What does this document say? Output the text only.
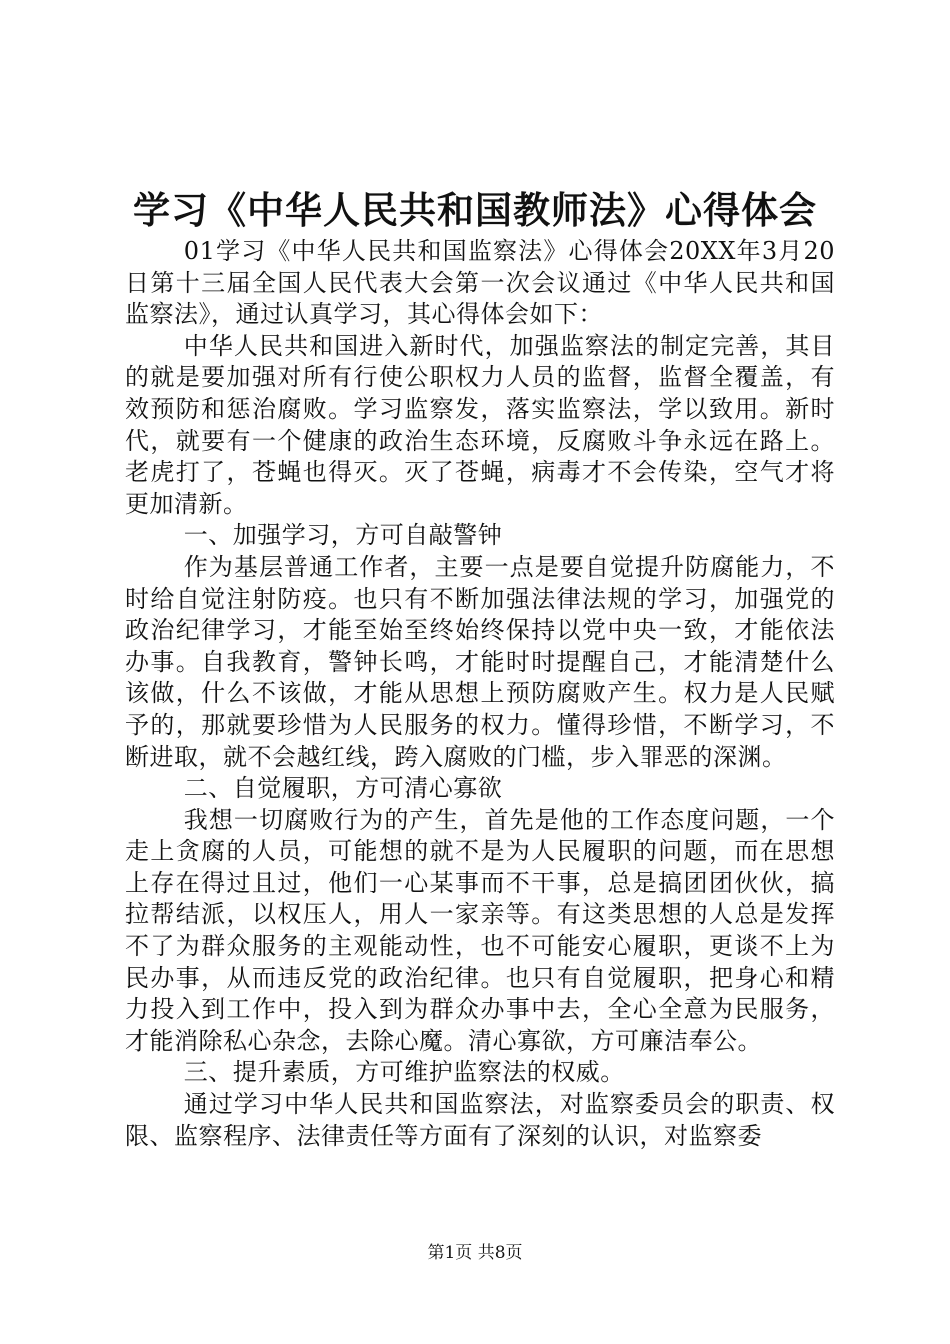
学习《中华人民共和国教师法》心得体会

01学习《中华人民共和国监察法》心得体会20XX年3月20日第十三届全国人民代表大会第一次会议通过《中华人民共和国监察法》，通过认真学习，其心得体会如下：

中华人民共和国进入新时代，加强监察法的制定完善，其目的就是要加强对所有行使公职权力人员的监督，监督全覆盖，有效预防和惩治腐败。学习监察发，落实监察法，学以致用。新时代，就要有一个健康的政治生态环境，反腐败斗争永远在路上。老虎打了，苍蝇也得灭。灭了苍蝇，病毒才不会传染，空气才将更加清新。

一、加强学习，方可自敲警钟

作为基层普通工作者，主要一点是要自觉提升防腐能力，不时给自觉注射防疫。也只有不断加强法律法规的学习，加强党的政治纪律学习，才能至始至终始终保持以党中央一致，才能依法办事。自我教育，警钟长鸣，才能时时提醒自己，才能清楚什么该做，什么不该做，才能从思想上预防腐败产生。权力是人民赋予的，那就要珍惜为人民服务的权力。懂得珍惜，不断学习，不断进取，就不会越红线，跨入腐败的门槛，步入罪恶的深渊。

二、自觉履职，方可清心寡欲

我想一切腐败行为的产生，首先是他的工作态度问题，一个走上贪腐的人员，可能想的就不是为人民履职的问题，而在思想上存在得过且过，他们一心某事而不干事，总是搞团团伙伙，搞拉帮结派，以权压人，用人一家亲等。有这类思想的人总是发挥不了为群众服务的主观能动性，也不可能安心履职，更谈不上为民办事，从而违反党的政治纪律。也只有自觉履职，把身心和精力投入到工作中，投入到为群众办事中去，全心全意为民服务，才能消除私心杂念，去除心魔。清心寡欲，方可廉洁奉公。

三、提升素质，方可维护监察法的权威。

通过学习中华人民共和国监察法，对监察委员会的职责、权限、监察程序、法律责任等方面有了深刻的认识，对监察委

第1页 共8页
